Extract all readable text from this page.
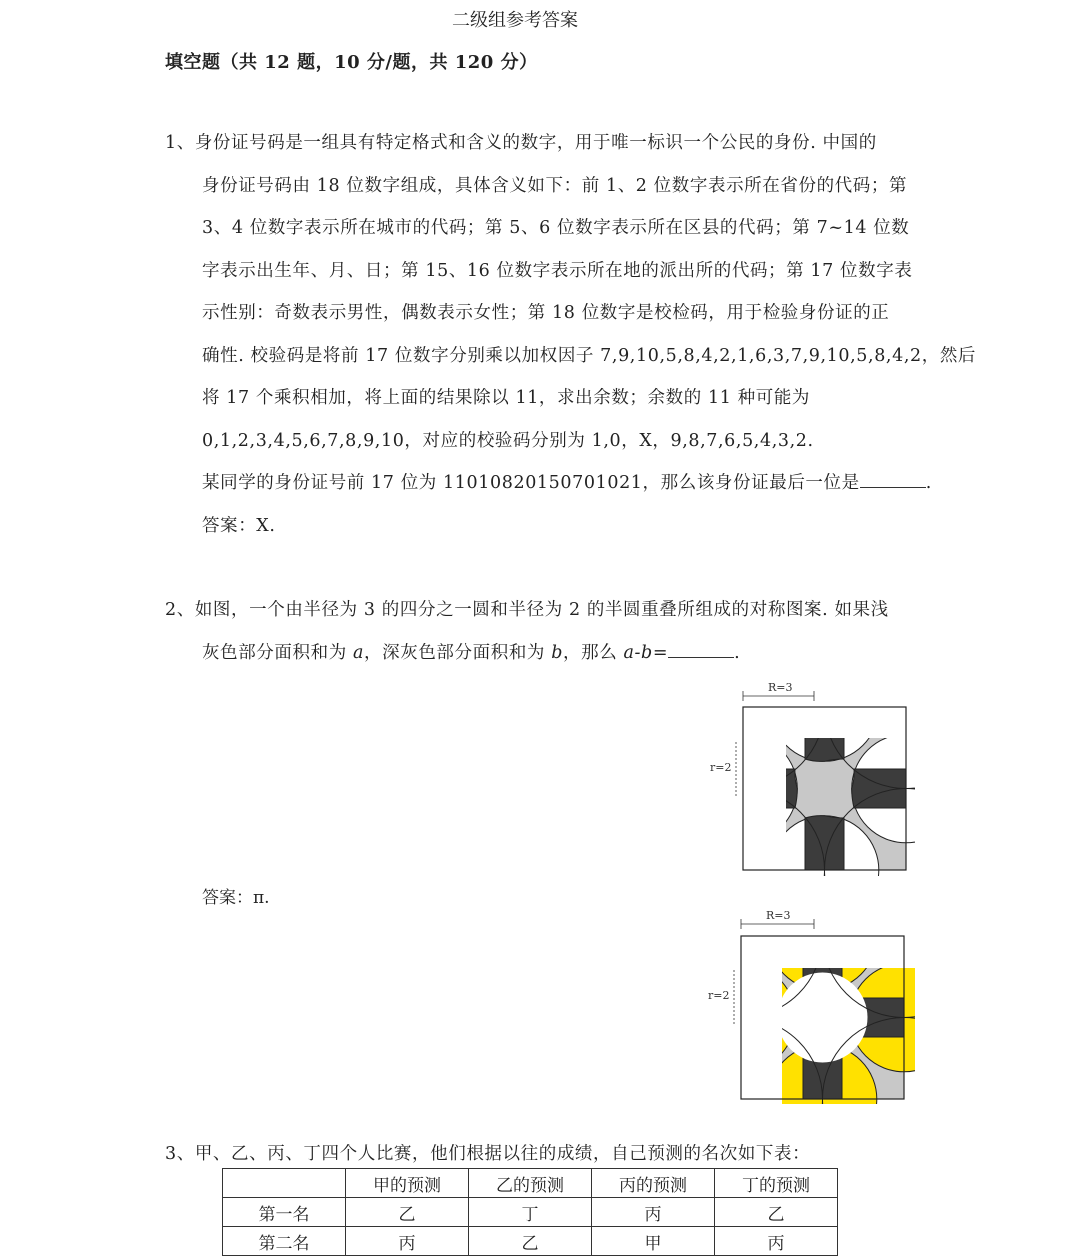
二级组参考答案
填空题（共 12 题，10 分/题，共 120 分）
1、身份证号码是一组具有特定格式和含义的数字，用于唯一标识一个公民的身份. 中国的
身份证号码由 18 位数字组成，具体含义如下：前 1、2 位数字表示所在省份的代码；第
3、4 位数字表示所在城市的代码；第 5、6 位数字表示所在区县的代码；第 7~14 位数
字表示出生年、月、日；第 15、16 位数字表示所在地的派出所的代码；第 17 位数字表
示性别：奇数表示男性，偶数表示女性；第 18 位数字是校检码，用于检验身份证的正
确性. 校验码是将前 17 位数字分别乘以加权因子 7,9,10,5,8,4,2,1,6,3,7,9,10,5,8,4,2，然后
将 17 个乘积相加，将上面的结果除以 11，求出余数；余数的 11 种可能为
0,1,2,3,4,5,6,7,8,9,10，对应的校验码分别为 1,0，X，9,8,7,6,5,4,3,2.
某同学的身份证号前 17 位为 11010820150701021，那么该身份证最后一位是	.
答案：X.
2、如图，一个由半径为 3 的四分之一圆和半径为 2 的半圆重叠所组成的对称图案. 如果浅
灰色部分面积和为 a，深灰色部分面积和为 b，那么 a-b=	.
答案：π.
R=3
r=2
R=3
r=2
3、甲、乙、丙、丁四个人比赛，他们根据以往的成绩，自己预测的名次如下表：
	甲的预测	乙的预测	丙的预测	丁的预测
第一名	乙	丁	丙	乙
第二名	丙	乙	甲	丙
